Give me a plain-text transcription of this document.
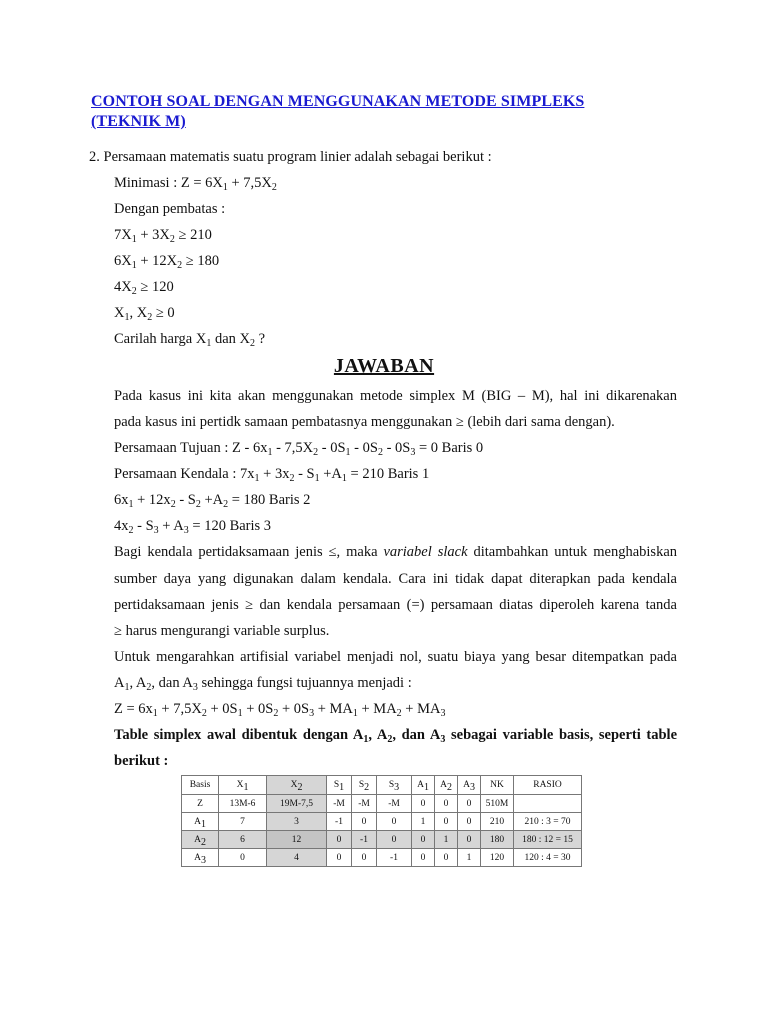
CONTOH SOAL DENGAN MENGGUNAKAN METODE SIMPLEKS (TEKNIK M)
2. Persamaan matematis suatu program linier adalah sebagai berikut :
Minimasi : $Z = 6X_1 + 7,5X_2$
Dengan pembatas :
$7X_1 + 3X_2 \ge 210$
$6X_1 + 12X_2 \ge 180$
$4X_2 \ge 120$
$X_1$, $X_2 \ge 0$
Carilah harga $X_1$ dan $X_2$ ?
JAWABAN
Pada kasus ini kita akan menggunakan metode simplex M (BIG – M), hal ini dikarenakan
pada kasus ini pertidk samaan pembatasnya menggunakan ≥ (lebih dari sama dengan).
Persamaan Tujuan : $Z - 6x_1 - 7,5X_2 - 0S_1 - 0S_2 - 0S_3 = 0$ Baris 0
Persamaan Kendala : $7x_1 + 3x_2 - S_1 +A_1 = 210$ Baris 1
$6x_1 + 12x_2 - S_2 +A_2 = 180$ Baris 2
$4x_2 - S_3 + A_3 = 120$ Baris 3
Bagi kendala pertidaksamaan jenis ≤, maka variabel slack ditambahkan untuk menghabiskan
sumber daya yang digunakan dalam kendala. Cara ini tidak dapat diterapkan pada kendala
pertidaksamaan jenis ≥ dan kendala persamaan (=) persamaan diatas diperoleh karena tanda
≥ harus mengurangi variable surplus.
Untuk mengarahkan artifisial variabel menjadi nol, suatu biaya yang besar ditempatkan pada
$A_1$, $A_2$, dan $A_3$ sehingga fungsi tujuannya menjadi :
$Z = 6x_1 + 7,5X_2 + 0S_1 + 0S_2 + 0S_3 + MA_1 + MA_2 + MA_3$
Table simplex awal dibentuk dengan $A_1$, $A_2$, dan $A_3$ sebagai variable basis, seperti table
berikut :
Basis	$X_1$	$X_2$	$S_1$	$S_2$	$S_3$	$A_1$	$A_2$	$A_3$	NK	RASIO
Z	13M-6	19M-7,5	-M	-M	-M	0	0	0	510M	
$A_1$	7	3	-1	0	0	1	0	0	210	210 : 3 = 70
$A_2$	6	12	0	-1	0	0	1	0	180	180 : 12 = 15
$A_3$	0	4	0	0	-1	0	0	1	120	120 : 4 = 30
